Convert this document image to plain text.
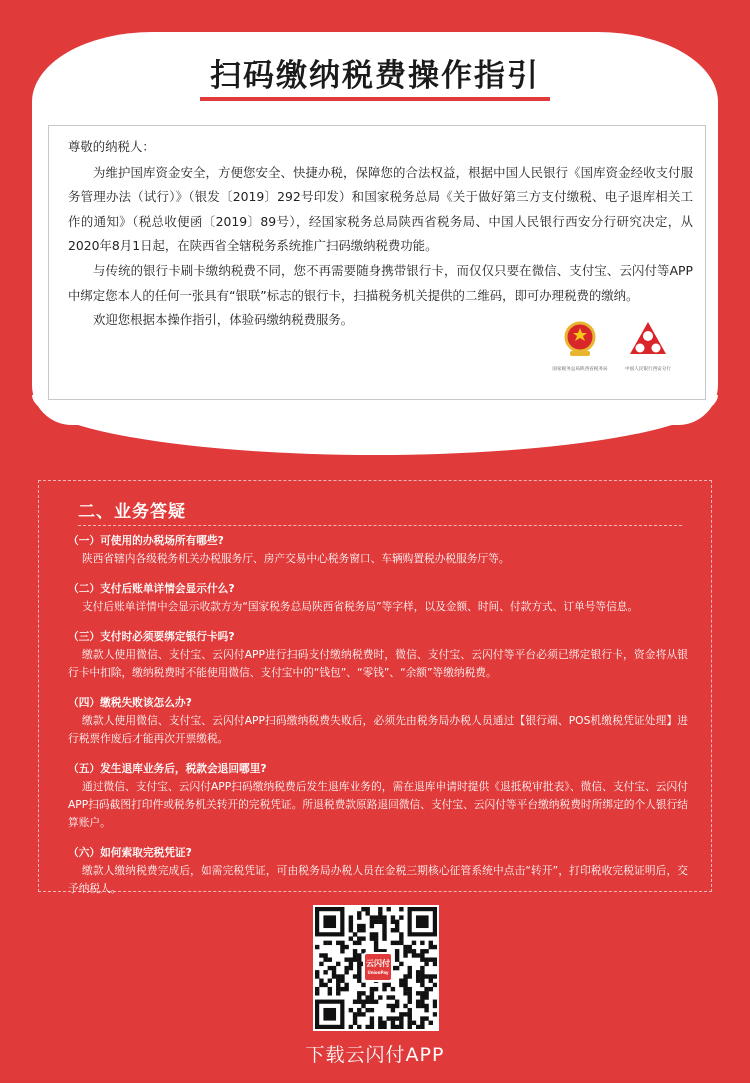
扫码缴纳税费操作指引

尊敬的纳税人：

为维护国库资金安全，方便您安全、快捷办税，保障您的合法权益，根据中国人民银行《国库资金经收支付服务管理办法（试行）》（银发〔2019〕292号印发）和国家税务总局《关于做好第三方支付缴税、电子退库相关工作的通知》（税总收便函〔2019〕89号），经国家税务总局陕西省税务局、中国人民银行西安分行研究决定，从2020年8月1日起，在陕西省全辖税务系统推广扫码缴纳税费功能。

与传统的银行卡刷卡缴纳税费不同，您不再需要随身携带银行卡，而仅仅只要在微信、支付宝、云闪付等APP中绑定您本人的任何一张具有“银联”标志的银行卡，扫描税务机关提供的二维码，即可办理税费的缴纳。

欢迎您根据本操作指引，体验码缴纳税费服务。

国家税务总局陕西省税务局	中国人民银行西安分行
二、业务答疑
（一）可使用的办税场所有哪些?
陕西省辖内各级税务机关办税服务厅、房产交易中心税务窗口、车辆购置税办税服务厅等。
（二）支付后账单详情会显示什么?
支付后账单详情中会显示收款方为“国家税务总局陕西省税务局”等字样，以及金额、时间、付款方式、订单号等信息。
（三）支付时必须要绑定银行卡吗?
缴款人使用微信、支付宝、云闪付APP进行扫码支付缴纳税费时，微信、支付宝、云闪付等平台必须已绑定银行卡，资金将从银行卡中扣除，缴纳税费时不能使用微信、支付宝中的“钱包”、“零钱”、“余额”等缴纳税费。
（四）缴税失败该怎么办?
缴款人使用微信、支付宝、云闪付APP扫码缴纳税费失败后，必须先由税务局办税人员通过【银行端、POS机缴税凭证处理】进行税票作废后才能再次开票缴税。
（五）发生退库业务后，税款会退回哪里?
通过微信、支付宝、云闪付APP扫码缴纳税费后发生退库业务的，需在退库申请时提供《退抵税审批表》、微信、支付宝、云闪付APP扫码截图打印件或税务机关转开的完税凭证。所退税费款原路退回微信、支付宝、云闪付等平台缴纳税费时所绑定的个人银行结算账户。
（六）如何索取完税凭证?
缴款人缴纳税费完成后，如需完税凭证，可由税务局办税人员在金税三期核心征管系统中点击“转开”，打印税收完税证明后，交予纳税人。
云闪付
UnionPay
下载云闪付APP
